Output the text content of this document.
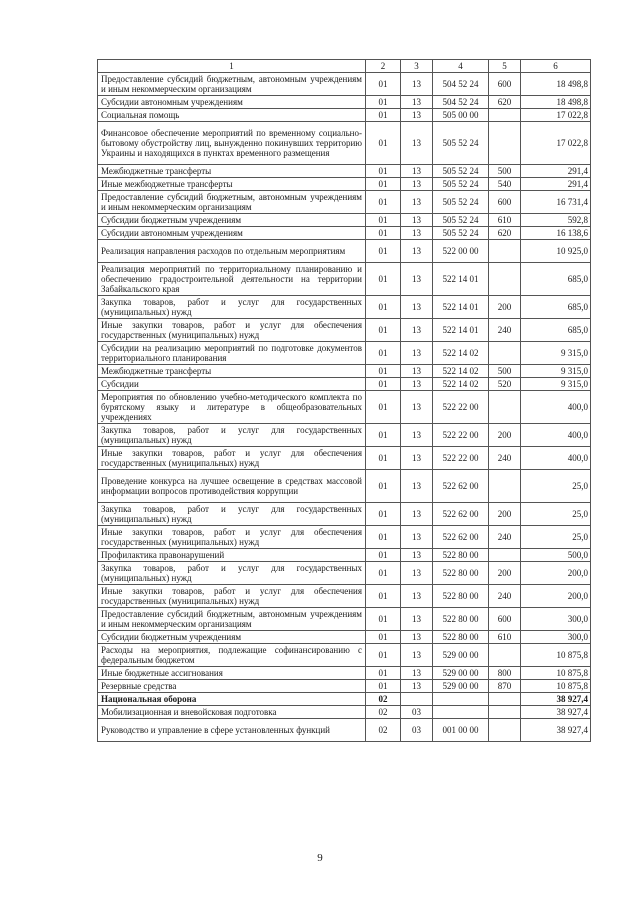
1	2	3	4	5	6
Предоставление субсидий бюджетным, автономным учреждениям и иным некоммерческим организациям	01	13	504 52 24	600	18 498,8
Субсидии автономным учреждениям	01	13	504 52 24	620	18 498,8
Социальная помощь	01	13	505 00 00		17 022,8
Финансовое обеспечение мероприятий по временному социально-бытовому обустройству лиц, вынужденно покинувших территорию Украины и находящихся в пунктах временного размещения	01	13	505 52 24		17 022,8
Межбюджетные трансферты	01	13	505 52 24	500	291,4
Иные межбюджетные трансферты	01	13	505 52 24	540	291,4
Предоставление субсидий бюджетным, автономным учреждениям и иным некоммерческим организациям	01	13	505 52 24	600	16 731,4
Субсидии бюджетным учреждениям	01	13	505 52 24	610	592,8
Субсидии автономным учреждениям	01	13	505 52 24	620	16 138,6
Реализация направления расходов по отдельным мероприятиям	01	13	522 00 00		10 925,0
Реализация мероприятий по территориальному планированию и обеспечению градостроительной деятельности на территории Забайкальского края	01	13	522 14 01		685,0
Закупка товаров, работ и услуг для государственных (муниципальных) нужд	01	13	522 14 01	200	685,0
Иные закупки товаров, работ и услуг для обеспечения государственных (муниципальных) нужд	01	13	522 14 01	240	685,0
Субсидии на реализацию мероприятий по подготовке документов территориального планирования	01	13	522 14 02		9 315,0
Межбюджетные трансферты	01	13	522 14 02	500	9 315,0
Субсидии	01	13	522 14 02	520	9 315,0
Мероприятия по обновлению учебно-методического комплекта по бурятскому языку и литературе в общеобразовательных учреждениях	01	13	522 22 00		400,0
Закупка товаров, работ и услуг для государственных (муниципальных) нужд	01	13	522 22 00	200	400,0
Иные закупки товаров, работ и услуг для обеспечения государственных (муниципальных) нужд	01	13	522 22 00	240	400,0
Проведение конкурса на лучшее освещение в средствах массовой информации вопросов противодействия коррупции	01	13	522 62 00		25,0
Закупка товаров, работ и услуг для государственных (муниципальных) нужд	01	13	522 62 00	200	25,0
Иные закупки товаров, работ и услуг для обеспечения государственных (муниципальных) нужд	01	13	522 62 00	240	25,0
Профилактика правонарушений	01	13	522 80 00		500,0
Закупка товаров, работ и услуг для государственных (муниципальных) нужд	01	13	522 80 00	200	200,0
Иные закупки товаров, работ и услуг для обеспечения государственных (муниципальных) нужд	01	13	522 80 00	240	200,0
Предоставление субсидий бюджетным, автономным учреждениям и иным некоммерческим организациям	01	13	522 80 00	600	300,0
Субсидии бюджетным учреждениям	01	13	522 80 00	610	300,0
Расходы на мероприятия, подлежащие софинансированию с федеральным бюджетом	01	13	529 00 00		10 875,8
Иные бюджетные ассигнования	01	13	529 00 00	800	10 875,8
Резервные средства	01	13	529 00 00	870	10 875,8
Национальная оборона	02				38 927,4
Мобилизационная и вневойсковая подготовка	02	03			38 927,4
Руководство и управление в сфере установленных функций	02	03	001 00 00		38 927,4
9
